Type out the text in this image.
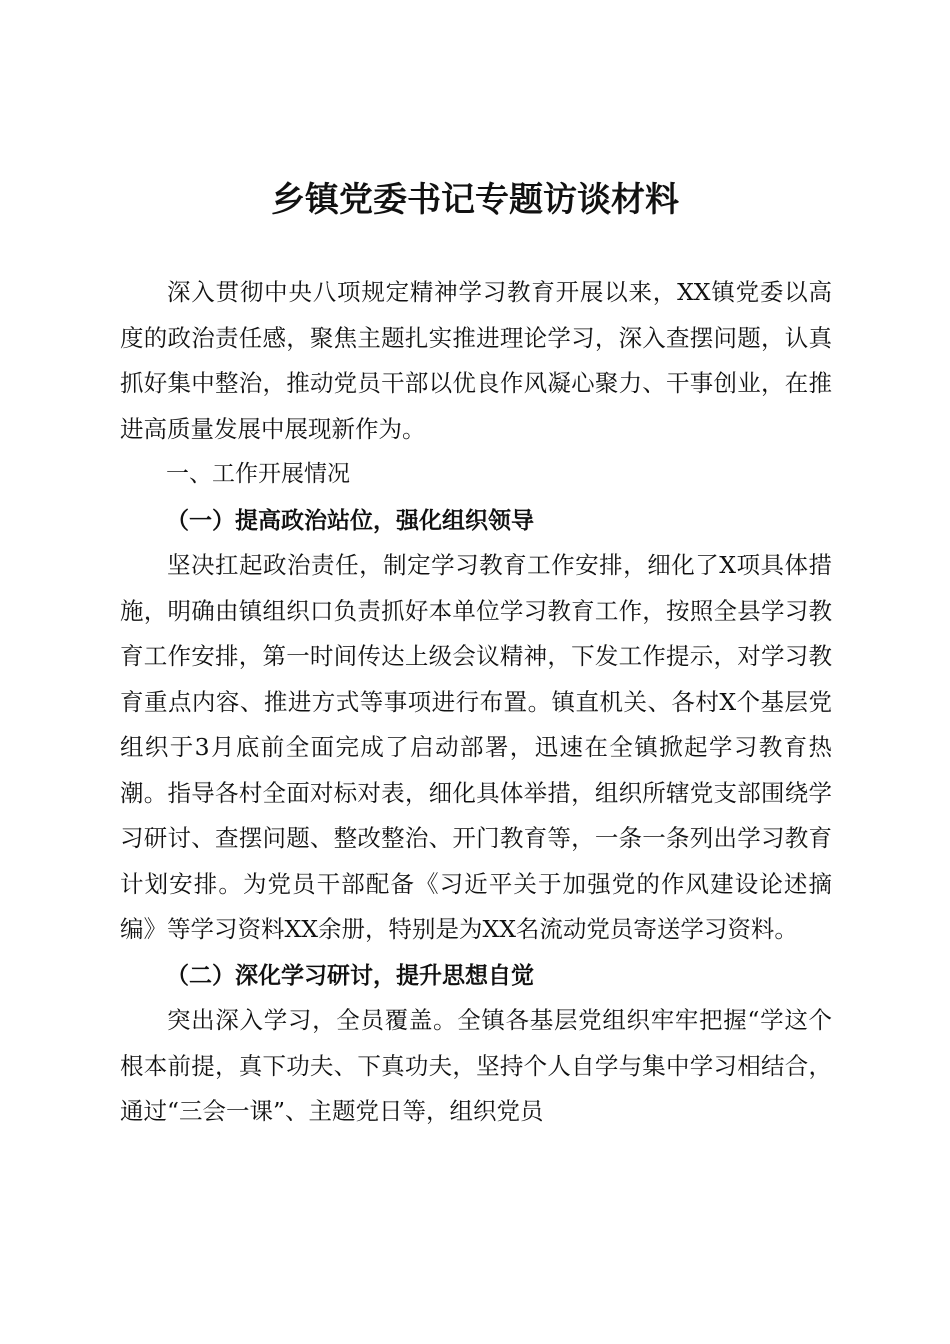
乡镇党委书记专题访谈材料

深入贯彻中央八项规定精神学习教育开展以来，XX镇党委以高度的政治责任感，聚焦主题扎实推进理论学习，深入查摆问题，认真抓好集中整治，推动党员干部以优良作风凝心聚力、干事创业，在推进高质量发展中展现新作为。

一、工作开展情况

（一）提高政治站位，强化组织领导

坚决扛起政治责任，制定学习教育工作安排，细化了X项具体措施，明确由镇组织口负责抓好本单位学习教育工作，按照全县学习教育工作安排，第一时间传达上级会议精神，下发工作提示，对学习教育重点内容、推进方式等事项进行布置。镇直机关、各村X个基层党组织于3月底前全面完成了启动部署，迅速在全镇掀起学习教育热潮。指导各村全面对标对表，细化具体举措，组织所辖党支部围绕学习研讨、查摆问题、整改整治、开门教育等，一条一条列出学习教育计划安排。为党员干部配备《习近平关于加强党的作风建设论述摘编》等学习资料XX余册，特别是为XX名流动党员寄送学习资料。

（二）深化学习研讨，提升思想自觉

突出深入学习，全员覆盖。全镇各基层党组织牢牢把握“学这个根本前提，真下功夫、下真功夫，坚持个人自学与集中学习相结合，通过“三会一课”、主题党日等，组织党员
